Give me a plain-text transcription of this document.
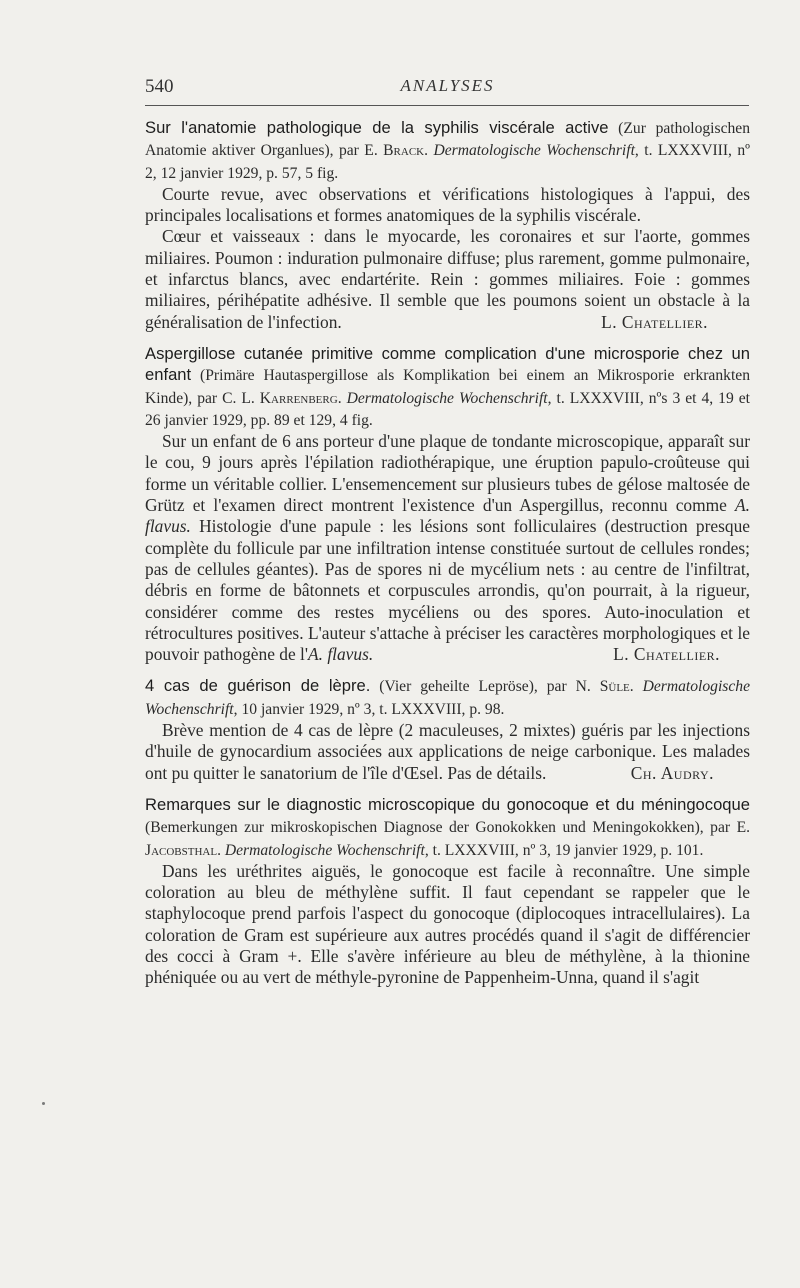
540	ANALYSES

Sur l'anatomie pathologique de la syphilis viscérale active (Zur pathologischen Anatomie aktiver Organlues), par E. Brack. Dermatologische Wochenschrift, t. LXXXVIII, nº 2, 12 janvier 1929, p. 57, 5 fig.

Courte revue, avec observations et vérifications histologiques à l'appui, des principales localisations et formes anatomiques de la syphilis viscérale.

Cœur et vaisseaux : dans le myocarde, les coronaires et sur l'aorte, gommes miliaires. Poumon : induration pulmonaire diffuse; plus rarement, gomme pulmonaire, et infarctus blancs, avec endartérite. Rein : gommes miliaires. Foie : gommes miliaires, périhépatite adhésive. Il semble que les poumons soient un obstacle à la généralisation de l'infection.	L. Chatellier.

Aspergillose cutanée primitive comme complication d'une microsporie chez un enfant (Primäre Hautaspergillose als Komplikation bei einem an Mikrosporie erkrankten Kinde), par C. L. Karrenberg. Dermatologische Wochenschrift, t. LXXXVIII, nºs 3 et 4, 19 et 26 janvier 1929, pp. 89 et 129, 4 fig.

Sur un enfant de 6 ans porteur d'une plaque de tondante microscopique, apparaît sur le cou, 9 jours après l'épilation radiothérapique, une éruption papulo-croûteuse qui forme un véritable collier. L'ensemencement sur plusieurs tubes de gélose maltosée de Grütz et l'examen direct montrent l'existence d'un Aspergillus, reconnu comme A. flavus. Histologie d'une papule : les lésions sont folliculaires (destruction presque complète du follicule par une infiltration intense constituée surtout de cellules rondes; pas de cellules géantes). Pas de spores ni de mycélium nets : au centre de l'infiltrat, débris en forme de bâtonnets et corpuscules arrondis, qu'on pourrait, à la rigueur, considérer comme des restes mycéliens ou des spores. Auto-inoculation et rétrocultures positives. L'auteur s'attache à préciser les caractères morphologiques et le pouvoir pathogène de l'A. flavus.	L. Chatellier.

4 cas de guérison de lèpre. (Vier geheilte Lepröse), par N. Süle. Dermatologische Wochenschrift, 10 janvier 1929, nº 3, t. LXXXVIII, p. 98.

Brève mention de 4 cas de lèpre (2 maculeuses, 2 mixtes) guéris par les injections d'huile de gynocardium associées aux applications de neige carbonique. Les malades ont pu quitter le sanatorium de l'île d'Œsel. Pas de détails.	Ch. Audry.

Remarques sur le diagnostic microscopique du gonocoque et du méningocoque (Bemerkungen zur mikroskopischen Diagnose der Gonokokken und Meningokokken), par E. Jacobsthal. Dermatologische Wochenschrift, t. LXXXVIII, nº 3, 19 janvier 1929, p. 101.

Dans les uréthrites aiguës, le gonocoque est facile à reconnaître. Une simple coloration au bleu de méthylène suffit. Il faut cependant se rappeler que le staphylocoque prend parfois l'aspect du gonocoque (diplocoques intracellulaires). La coloration de Gram est supérieure aux autres procédés quand il s'agit de différencier des cocci à Gram +. Elle s'avère inférieure au bleu de méthylène, à la thionine phéniquée ou au vert de méthyle-pyronine de Pappenheim-Unna, quand il s'agit
